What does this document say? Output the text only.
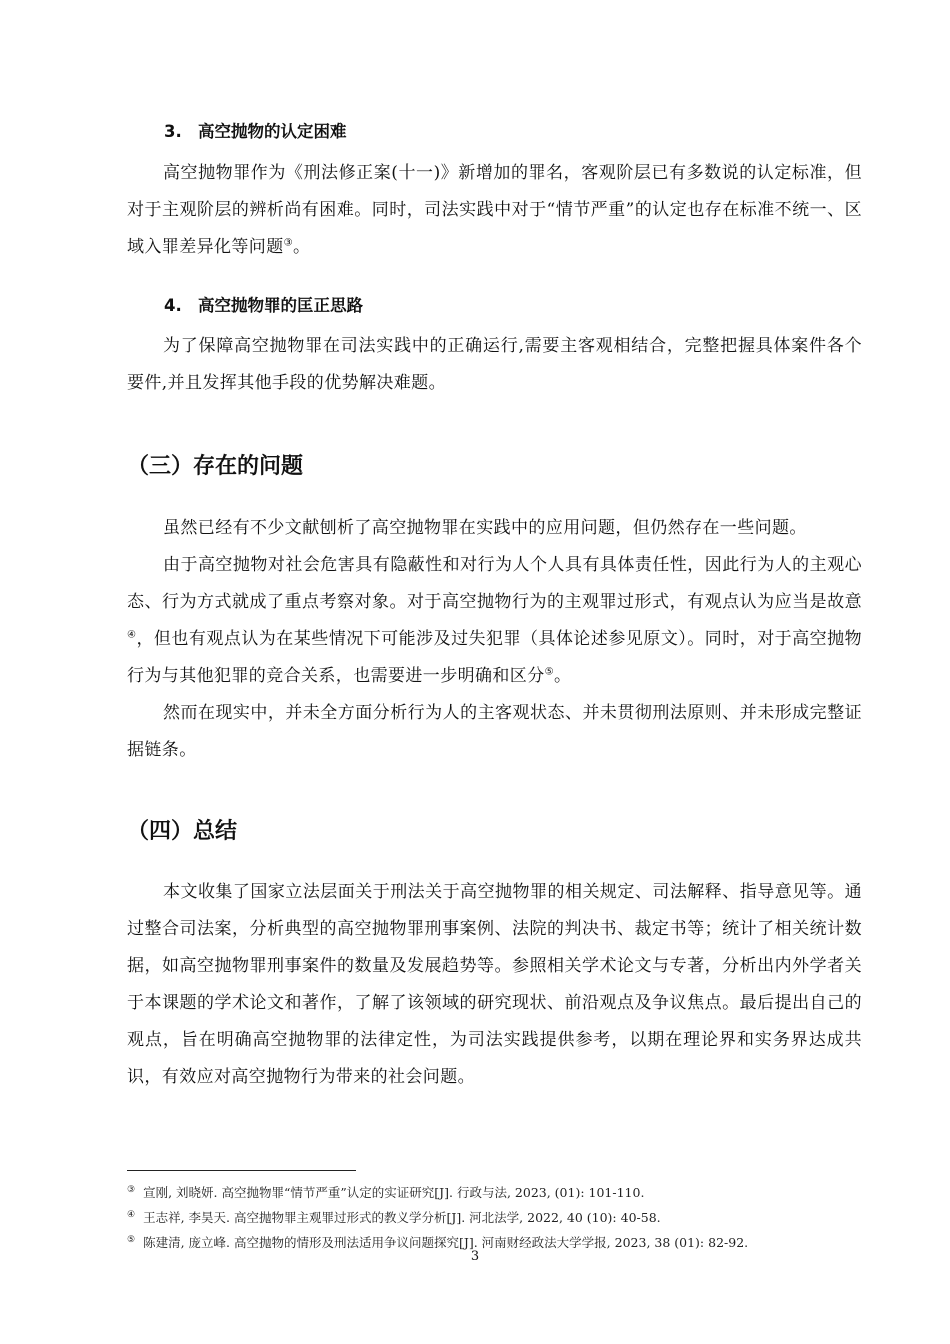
3. 高空抛物的认定困难

高空抛物罪作为《刑法修正案(十一)》新增加的罪名，客观阶层已有多数说的认定标准，但对于主观阶层的辨析尚有困难。同时，司法实践中对于“情节严重”的认定也存在标准不统一、区域入罪差异化等问题③。

4. 高空抛物罪的匡正思路

为了保障高空抛物罪在司法实践中的正确运行,需要主客观相结合，完整把握具体案件各个要件,并且发挥其他手段的优势解决难题。

（三）存在的问题

虽然已经有不少文献刨析了高空抛物罪在实践中的应用问题，但仍然存在一些问题。

由于高空抛物对社会危害具有隐蔽性和对行为人个人具有具体责任性，因此行为人的主观心态、行为方式就成了重点考察对象。对于高空抛物行为的主观罪过形式，有观点认为应当是故意④，但也有观点认为在某些情况下可能涉及过失犯罪（具体论述参见原文）。同时，对于高空抛物行为与其他犯罪的竞合关系，也需要进一步明确和区分⑤。

然而在现实中，并未全方面分析行为人的主客观状态、并未贯彻刑法原则、并未形成完整证据链条。

（四）总结

本文收集了国家立法层面关于刑法关于高空抛物罪的相关规定、司法解释、指导意见等。通过整合司法案，分析典型的高空抛物罪刑事案例、法院的判决书、裁定书等；统计了相关统计数据，如高空抛物罪刑事案件的数量及发展趋势等。参照相关学术论文与专著，分析出内外学者关于本课题的学术论文和著作，了解了该领域的研究现状、前沿观点及争议焦点。最后提出自己的观点，旨在明确高空抛物罪的法律定性，为司法实践提供参考，以期在理论界和实务界达成共识，有效应对高空抛物行为带来的社会问题。

③ 宣刚, 刘晓妍. 高空抛物罪“情节严重”认定的实证研究[J]. 行政与法, 2023, (01): 101-110.
④ 王志祥, 李昊天. 高空抛物罪主观罪过形式的教义学分析[J]. 河北法学, 2022, 40 (10): 40-58.
⑤ 陈建清, 庞立峰. 高空抛物的情形及刑法适用争议问题探究[J]. 河南财经政法大学学报, 2023, 38 (01): 82-92.
3
